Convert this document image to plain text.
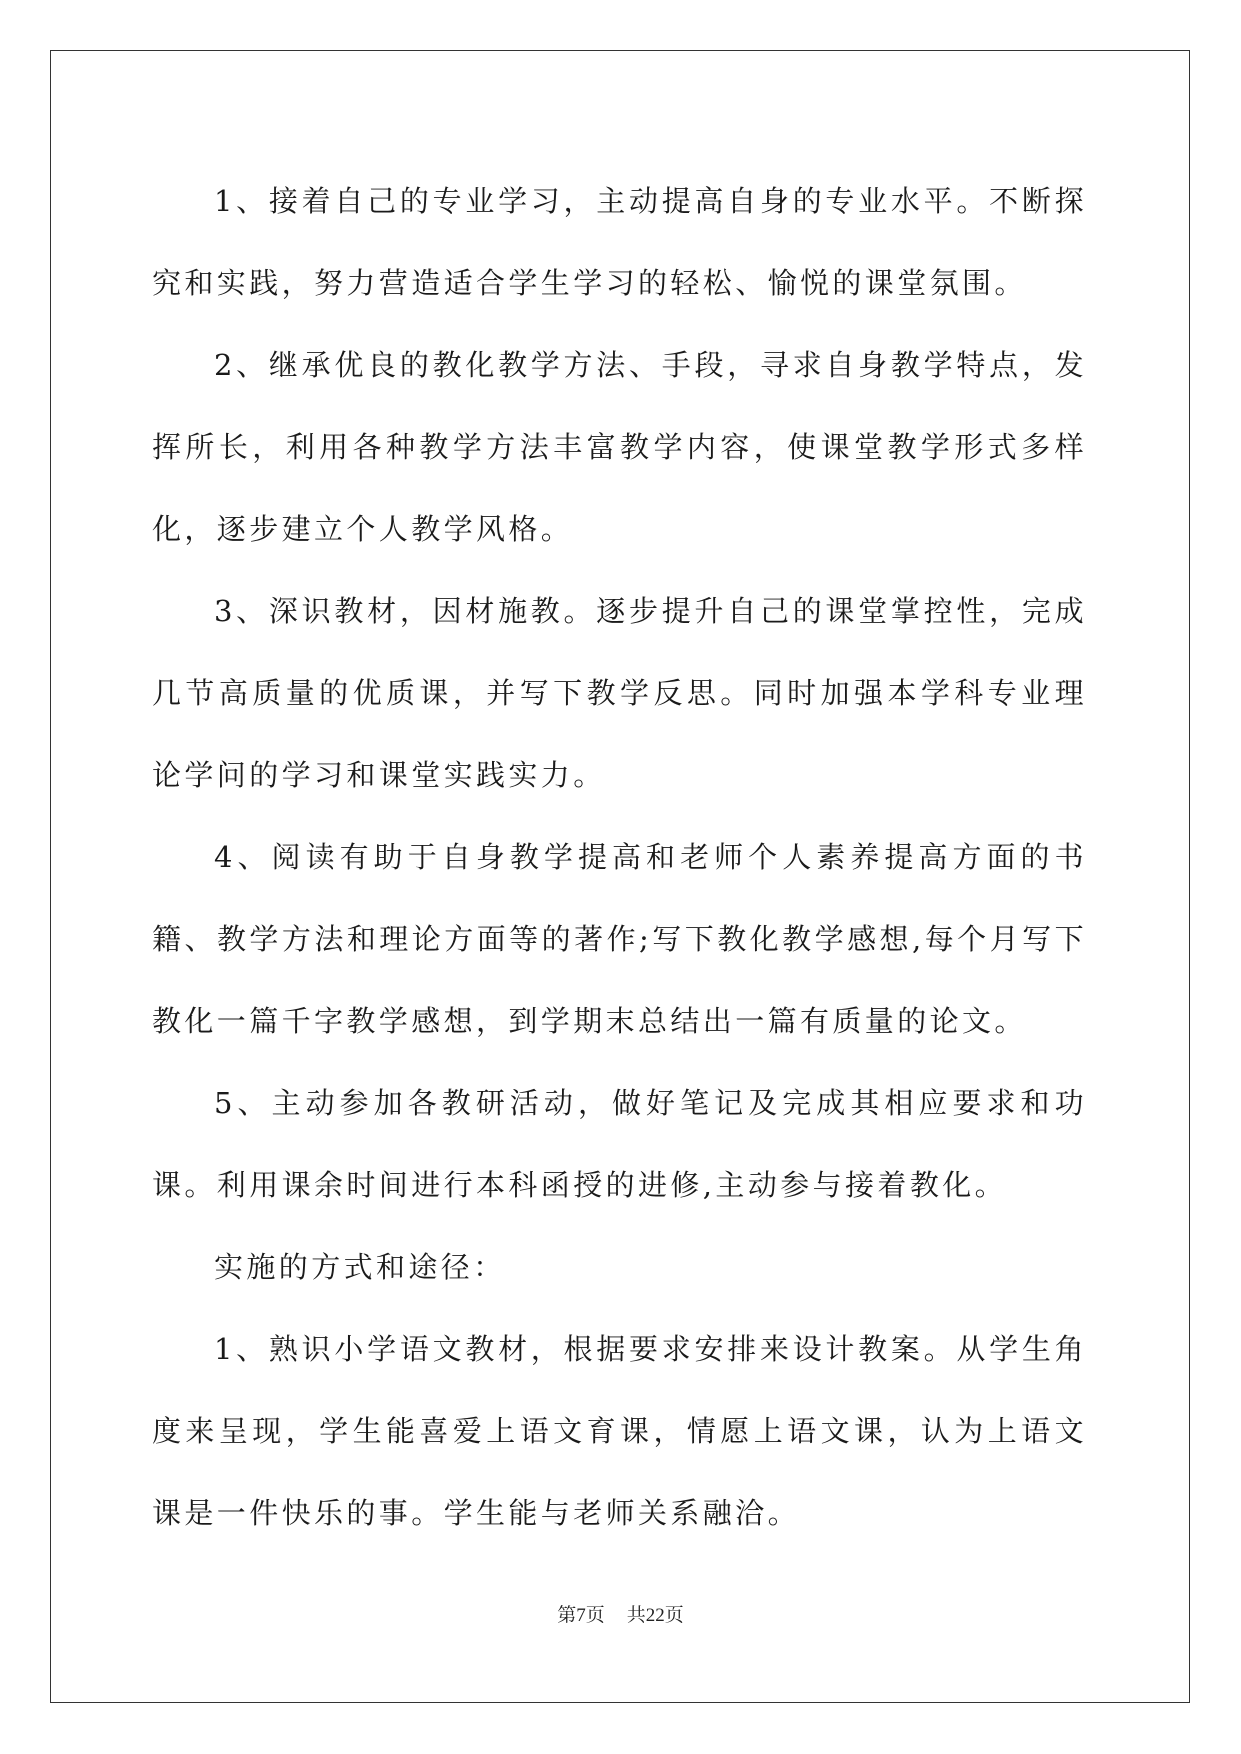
1、接着自己的专业学习，主动提高自身的专业水平。不断探究和实践，努力营造适合学生学习的轻松、愉悦的课堂氛围。

2、继承优良的教化教学方法、手段，寻求自身教学特点，发挥所长，利用各种教学方法丰富教学内容，使课堂教学形式多样化，逐步建立个人教学风格。

3、深识教材，因材施教。逐步提升自己的课堂掌控性，完成几节高质量的优质课，并写下教学反思。同时加强本学科专业理论学问的学习和课堂实践实力。

4、阅读有助于自身教学提高和老师个人素养提高方面的书籍、教学方法和理论方面等的著作;写下教化教学感想,每个月写下教化一篇千字教学感想，到学期末总结出一篇有质量的论文。

5、主动参加各教研活动，做好笔记及完成其相应要求和功课。利用课余时间进行本科函授的进修,主动参与接着教化。

实施的方式和途径：

1、熟识小学语文教材，根据要求安排来设计教案。从学生角度来呈现，学生能喜爱上语文育课，情愿上语文课，认为上语文课是一件快乐的事。学生能与老师关系融洽。

第7页 共22页
